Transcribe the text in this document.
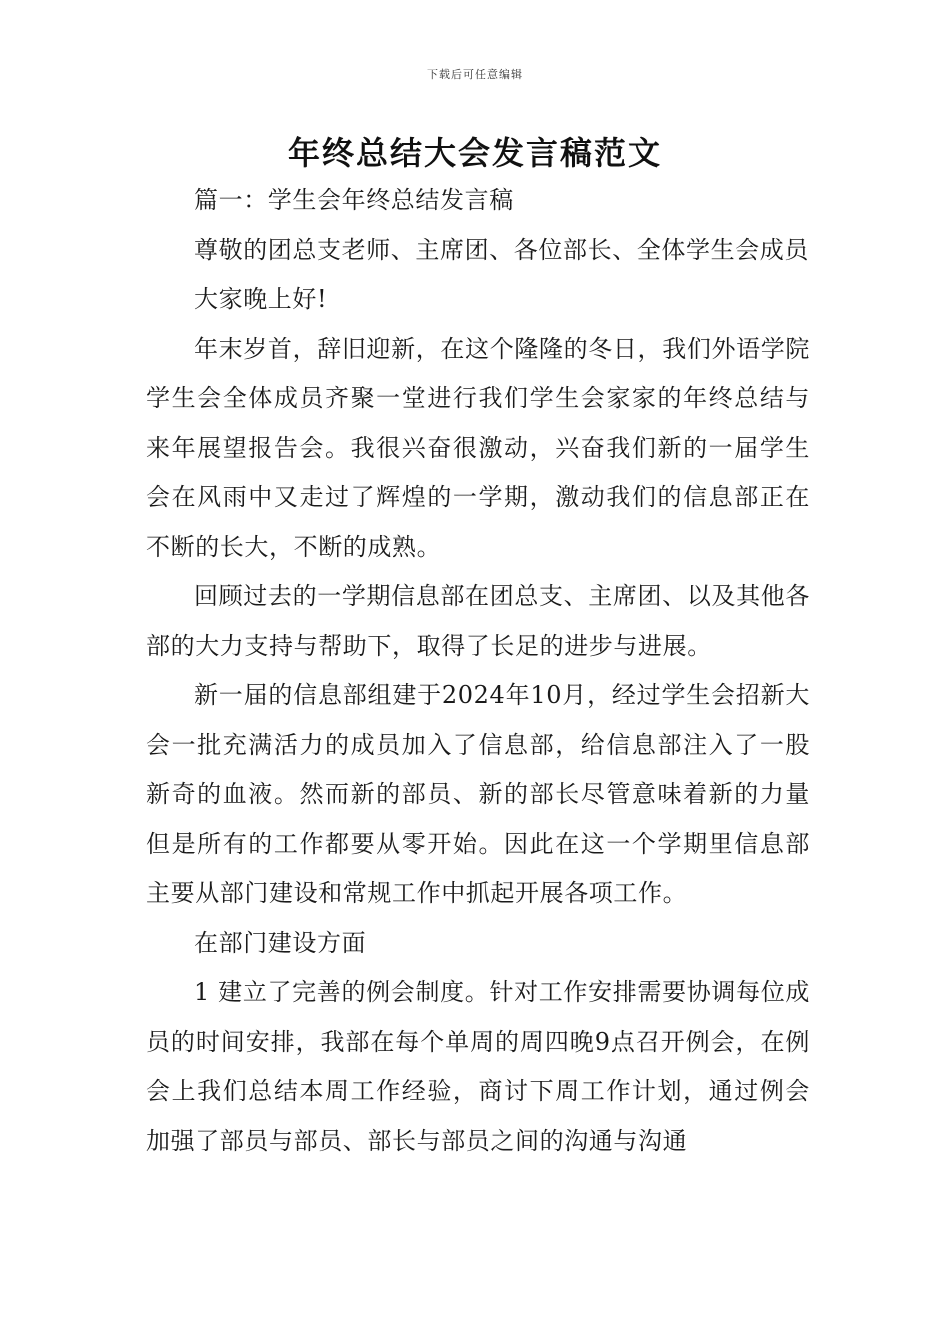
下载后可任意编辑
年终总结大会发言稿范文

篇一：学生会年终总结发言稿

尊敬的团总支老师、主席团、各位部长、全体学生会成员

大家晚上好!

年末岁首，辞旧迎新，在这个隆隆的冬日，我们外语学院学生会全体成员齐聚一堂进行我们学生会家家的年终总结与来年展望报告会。我很兴奋很激动，兴奋我们新的一届学生会在风雨中又走过了辉煌的一学期，激动我们的信息部正在不断的长大，不断的成熟。

回顾过去的一学期信息部在团总支、主席团、以及其他各部的大力支持与帮助下，取得了长足的进步与进展。

新一届的信息部组建于2024年10月，经过学生会招新大会一批充满活力的成员加入了信息部，给信息部注入了一股新奇的血液。然而新的部员、新的部长尽管意味着新的力量但是所有的工作都要从零开始。因此在这一个学期里信息部主要从部门建设和常规工作中抓起开展各项工作。

在部门建设方面

1 建立了完善的例会制度。针对工作安排需要协调每位成员的时间安排，我部在每个单周的周四晚9点召开例会，在例会上我们总结本周工作经验，商讨下周工作计划，通过例会加强了部员与部员、部长与部员之间的沟通与沟通
